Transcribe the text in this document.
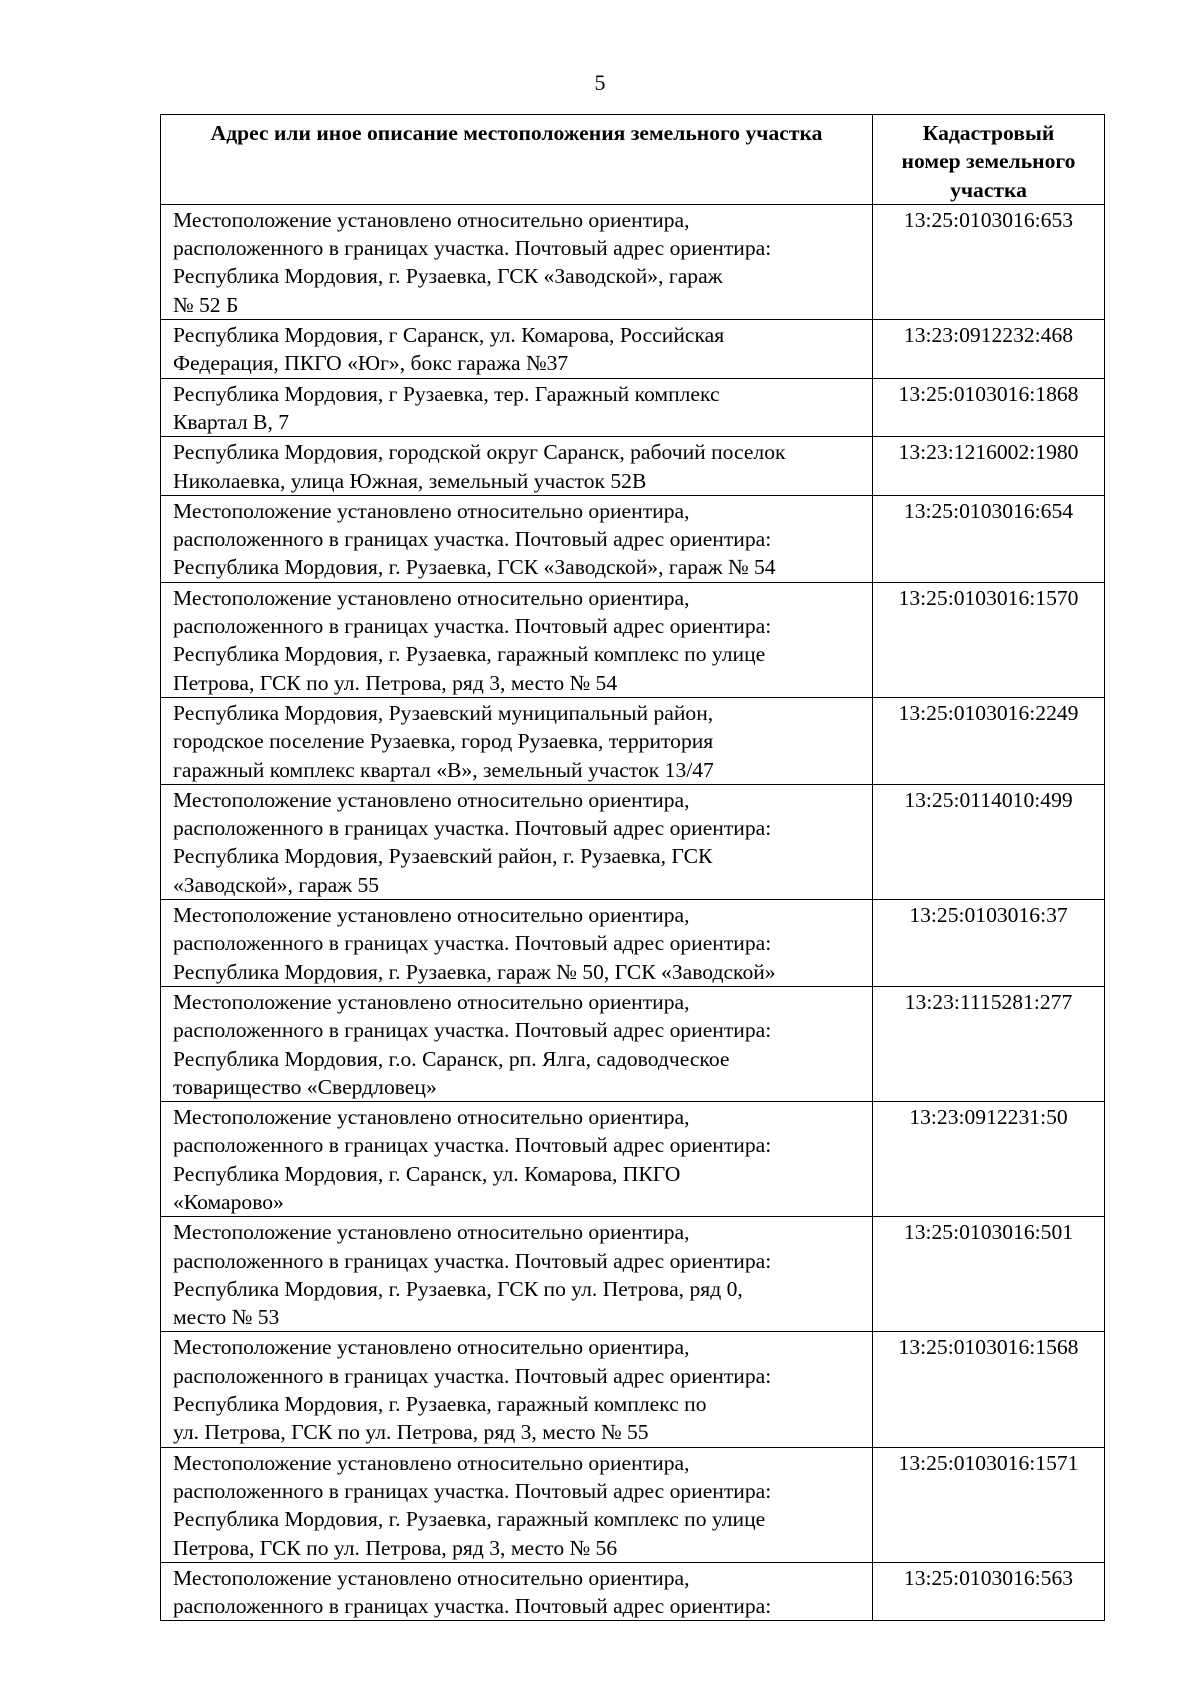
5
Адрес или иное описание местоположения земельного участка	Кадастровый
номер земельного
участка

Местоположение установлено относительно ориентира,
расположенного в границах участка. Почтовый адрес ориентира:
Республика Мордовия, г. Рузаевка, ГСК «Заводской», гараж
№ 52 Б	13:25:0103016:653

Республика Мордовия, г Саранск, ул. Комарова, Российская
Федерация, ПКГО «Юг», бокс гаража №37	13:23:0912232:468

Республика Мордовия, г Рузаевка, тер. Гаражный комплекс
Квартал В, 7	13:25:0103016:1868

Республика Мордовия, городской округ Саранск, рабочий поселок
Николаевка, улица Южная, земельный участок 52В	13:23:1216002:1980

Местоположение установлено относительно ориентира,
расположенного в границах участка. Почтовый адрес ориентира:
Республика Мордовия, г. Рузаевка, ГСК «Заводской», гараж № 54	13:25:0103016:654

Местоположение установлено относительно ориентира,
расположенного в границах участка. Почтовый адрес ориентира:
Республика Мордовия, г. Рузаевка, гаражный комплекс по улице
Петрова, ГСК по ул. Петрова, ряд 3, место № 54	13:25:0103016:1570

Республика Мордовия, Рузаевский муниципальный район,
городское поселение Рузаевка, город Рузаевка, территория
гаражный комплекс квартал «В», земельный участок 13/47	13:25:0103016:2249

Местоположение установлено относительно ориентира,
расположенного в границах участка. Почтовый адрес ориентира:
Республика Мордовия, Рузаевский район, г. Рузаевка, ГСК
«Заводской», гараж 55	13:25:0114010:499

Местоположение установлено относительно ориентира,
расположенного в границах участка. Почтовый адрес ориентира:
Республика Мордовия, г. Рузаевка, гараж № 50, ГСК «Заводской»	13:25:0103016:37

Местоположение установлено относительно ориентира,
расположенного в границах участка. Почтовый адрес ориентира:
Республика Мордовия, г.о. Саранск, рп. Ялга, садоводческое
товарищество «Свердловец»	13:23:1115281:277

Местоположение установлено относительно ориентира,
расположенного в границах участка. Почтовый адрес ориентира:
Республика Мордовия, г. Саранск, ул. Комарова, ПКГО
«Комарово»	13:23:0912231:50

Местоположение установлено относительно ориентира,
расположенного в границах участка. Почтовый адрес ориентира:
Республика Мордовия, г. Рузаевка, ГСК по ул. Петрова, ряд 0,
место № 53	13:25:0103016:501

Местоположение установлено относительно ориентира,
расположенного в границах участка. Почтовый адрес ориентира:
Республика Мордовия, г. Рузаевка, гаражный комплекс по
ул. Петрова, ГСК по ул. Петрова, ряд 3, место № 55	13:25:0103016:1568

Местоположение установлено относительно ориентира,
расположенного в границах участка. Почтовый адрес ориентира:
Республика Мордовия, г. Рузаевка, гаражный комплекс по улице
Петрова, ГСК по ул. Петрова, ряд 3, место № 56	13:25:0103016:1571

Местоположение установлено относительно ориентира,
расположенного в границах участка. Почтовый адрес ориентира:	13:25:0103016:563
